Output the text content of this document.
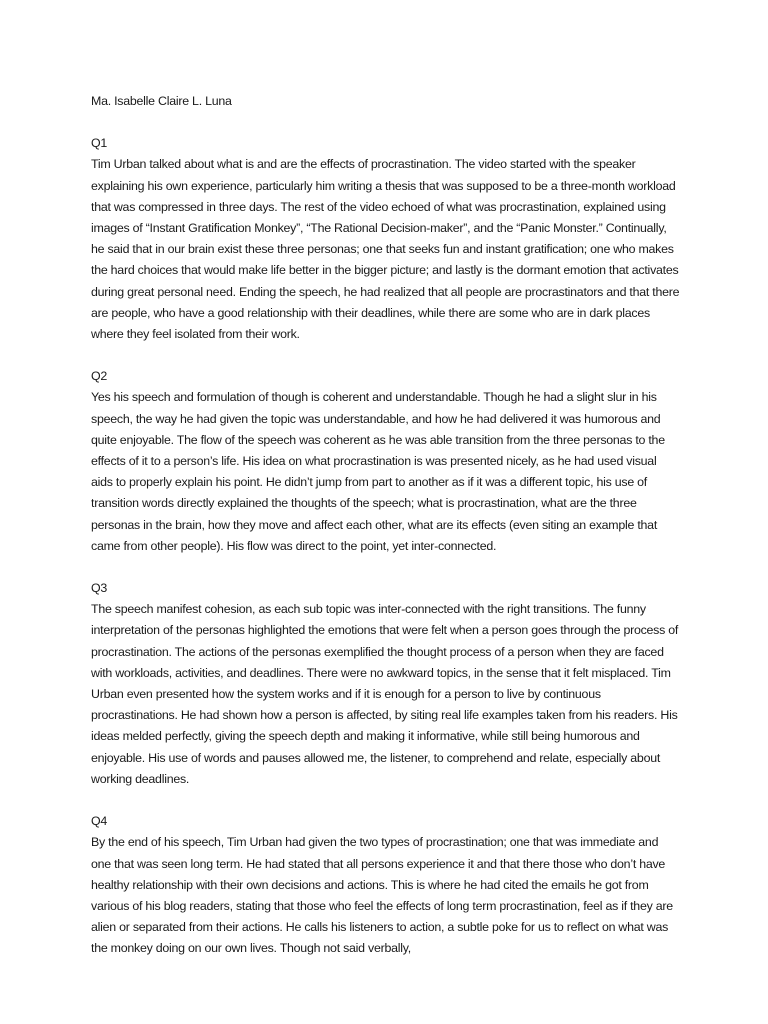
Ma. Isabelle Claire L. Luna

Q1

Tim Urban talked about what is and are the effects of procrastination. The video started with the speaker explaining his own experience, particularly him writing a thesis that was supposed to be a three-month workload that was compressed in three days. The rest of the video echoed of what was procrastination, explained using images of “Instant Gratification Monkey”, “The Rational Decision-maker”, and the “Panic Monster.” Continually, he said that in our brain exist these three personas; one that seeks fun and instant gratification; one who makes the hard choices that would make life better in the bigger picture; and lastly is the dormant emotion that activates during great personal need. Ending the speech, he had realized that all people are procrastinators and that there are people, who have a good relationship with their deadlines, while there are some who are in dark places where they feel isolated from their work.

Q2

Yes his speech and formulation of though is coherent and understandable. Though he had a slight slur in his speech, the way he had given the topic was understandable, and how he had delivered it was humorous and quite enjoyable. The flow of the speech was coherent as he was able transition from the three personas to the effects of it to a person’s life. His idea on what procrastination is was presented nicely, as he had used visual aids to properly explain his point. He didn’t jump from part to another as if it was a different topic, his use of transition words directly explained the thoughts of the speech; what is procrastination, what are the three personas in the brain, how they move and affect each other, what are its effects (even siting an example that came from other people). His flow was direct to the point, yet inter-connected.

Q3

The speech manifest cohesion, as each sub topic was inter-connected with the right transitions. The funny interpretation of the personas highlighted the emotions that were felt when a person goes through the process of procrastination. The actions of the personas exemplified the thought process of a person when they are faced with workloads, activities, and deadlines. There were no awkward topics, in the sense that it felt misplaced. Tim Urban even presented how the system works and if it is enough for a person to live by continuous procrastinations. He had shown how a person is affected, by siting real life examples taken from his readers. His ideas melded perfectly, giving the speech depth and making it informative, while still being humorous and enjoyable. His use of words and pauses allowed me, the listener, to comprehend and relate, especially about working deadlines.

Q4

By the end of his speech, Tim Urban had given the two types of procrastination; one that was immediate and one that was seen long term. He had stated that all persons experience it and that there those who don’t have healthy relationship with their own decisions and actions. This is where he had cited the emails he got from various of his blog readers, stating that those who feel the effects of long term procrastination, feel as if they are alien or separated from their actions. He calls his listeners to action, a subtle poke for us to reflect on what was the monkey doing on our own lives. Though not said verbally,
